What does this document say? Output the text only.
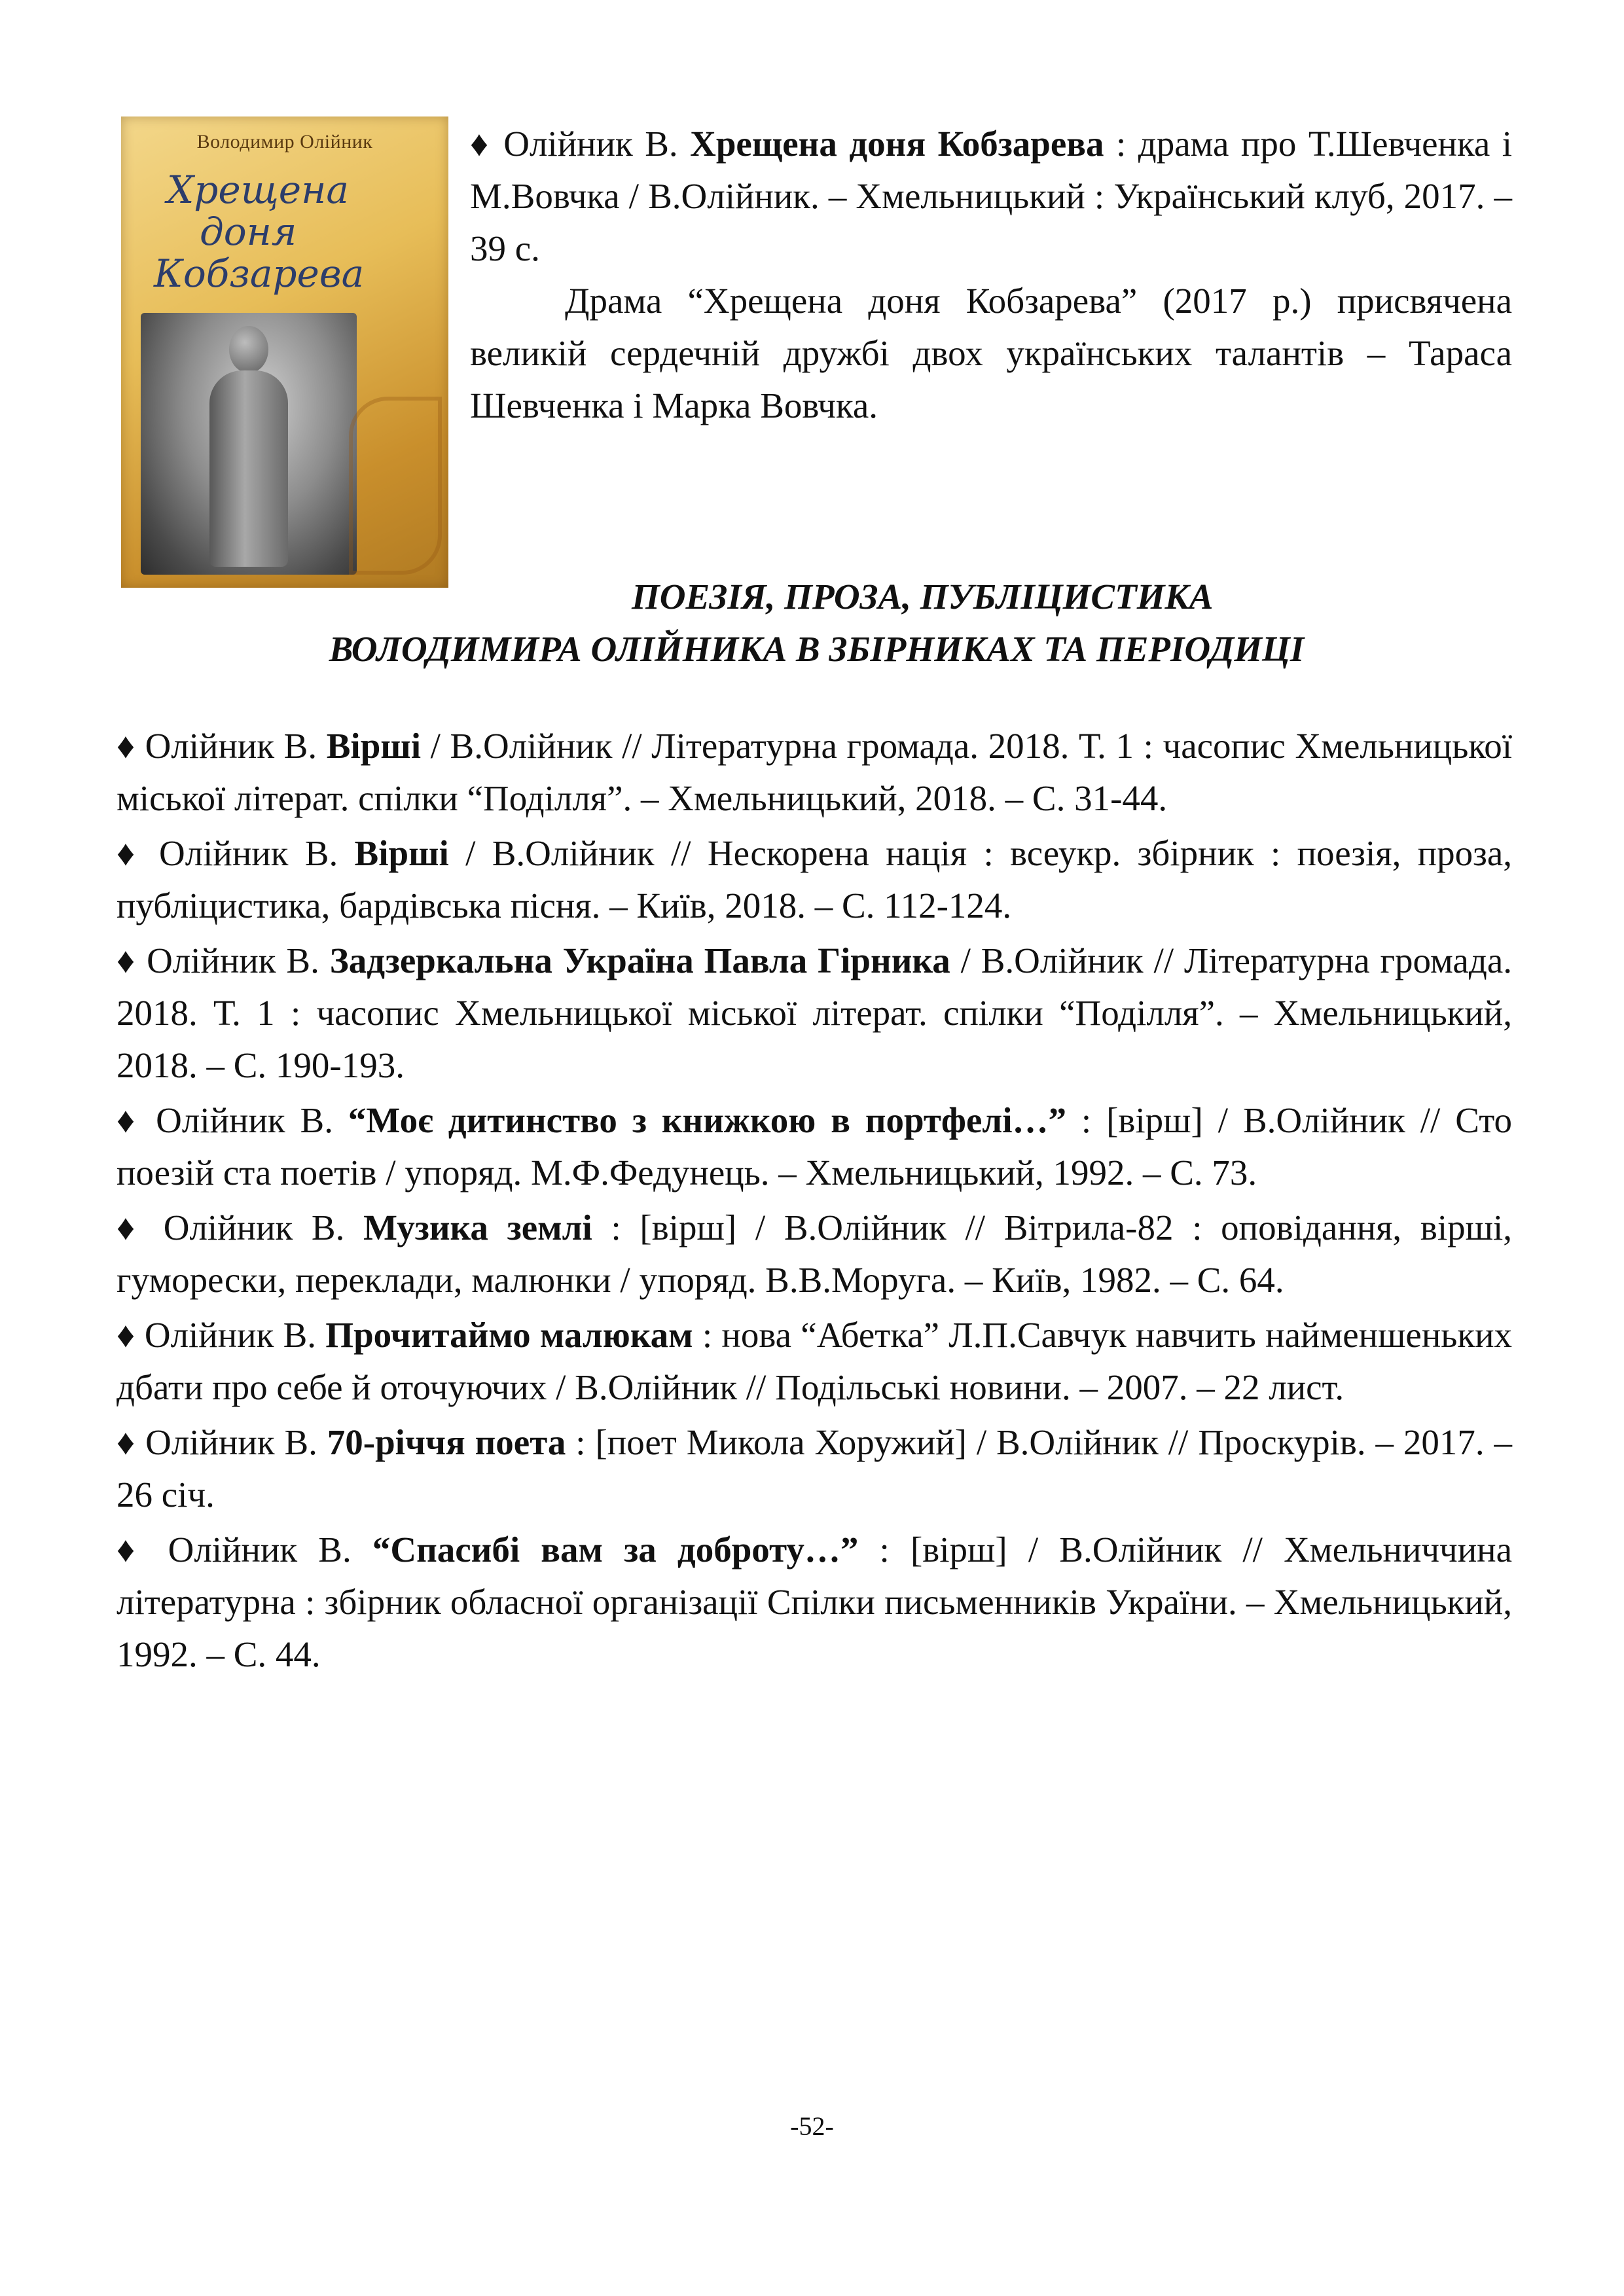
Володимир Олійник
Хрещена
доня
Кобзарева

♦ Олійник В. Хрещена доня Кобзарева : драма про Т.Шевченка і М.Вовчка / В.Олійник. – Хмельницький : Український клуб, 2017. – 39 с.

Драма “Хрещена доня Кобзарева” (2017 р.) присвячена великій сердечній дружбі двох українських талантів – Тараса Шевченка і Марка Вовчка.

ПОЕЗІЯ, ПРОЗА, ПУБЛІЦИСТИКА
ВОЛОДИМИРА ОЛІЙНИКА В ЗБІРНИКАХ ТА ПЕРІОДИЦІ

♦ Олійник В. Вірші / В.Олійник // Літературна громада. 2018. Т. 1 : часопис Хмельницької міської літерат. спілки “Поділля”. – Хмельницький, 2018. – С. 31-44.

♦ Олійник В. Вірші / В.Олійник // Нескорена нація : всеукр. збірник : поезія, проза, публіцистика, бардівська пісня. – Київ, 2018. – С. 112-124.

♦ Олійник В. Задзеркальна Україна Павла Гірника / В.Олійник // Літературна громада. 2018. Т. 1 : часопис Хмельницької міської літерат. спілки “Поділля”. – Хмельницький, 2018. – С. 190-193.

♦ Олійник В. “Моє дитинство з книжкою в портфелі…” : [вірш] / В.Олійник // Сто поезій ста поетів / упоряд. М.Ф.Федунець. – Хмельницький, 1992. – С. 73.

♦ Олійник В. Музика землі : [вірш] / В.Олійник // Вітрила-82 : оповідання, вірші, гуморески, переклади, малюнки / упоряд. В.В.Моруга. – Київ, 1982. – С. 64.

♦ Олійник В. Прочитаймо малюкам : нова “Абетка” Л.П.Савчук навчить найменшеньких дбати про себе й оточуючих / В.Олійник // Подільські новини. – 2007. – 22 лист.

♦ Олійник В. 70-річчя поета : [поет Микола Хоружий] / В.Олійник // Проскурів. – 2017. – 26 січ.

♦ Олійник В. “Спасибі вам за доброту…” : [вірш] / В.Олійник // Хмельниччина літературна : збірник обласної організації Спілки письменників України. – Хмельницький, 1992. – С. 44.

-52-
